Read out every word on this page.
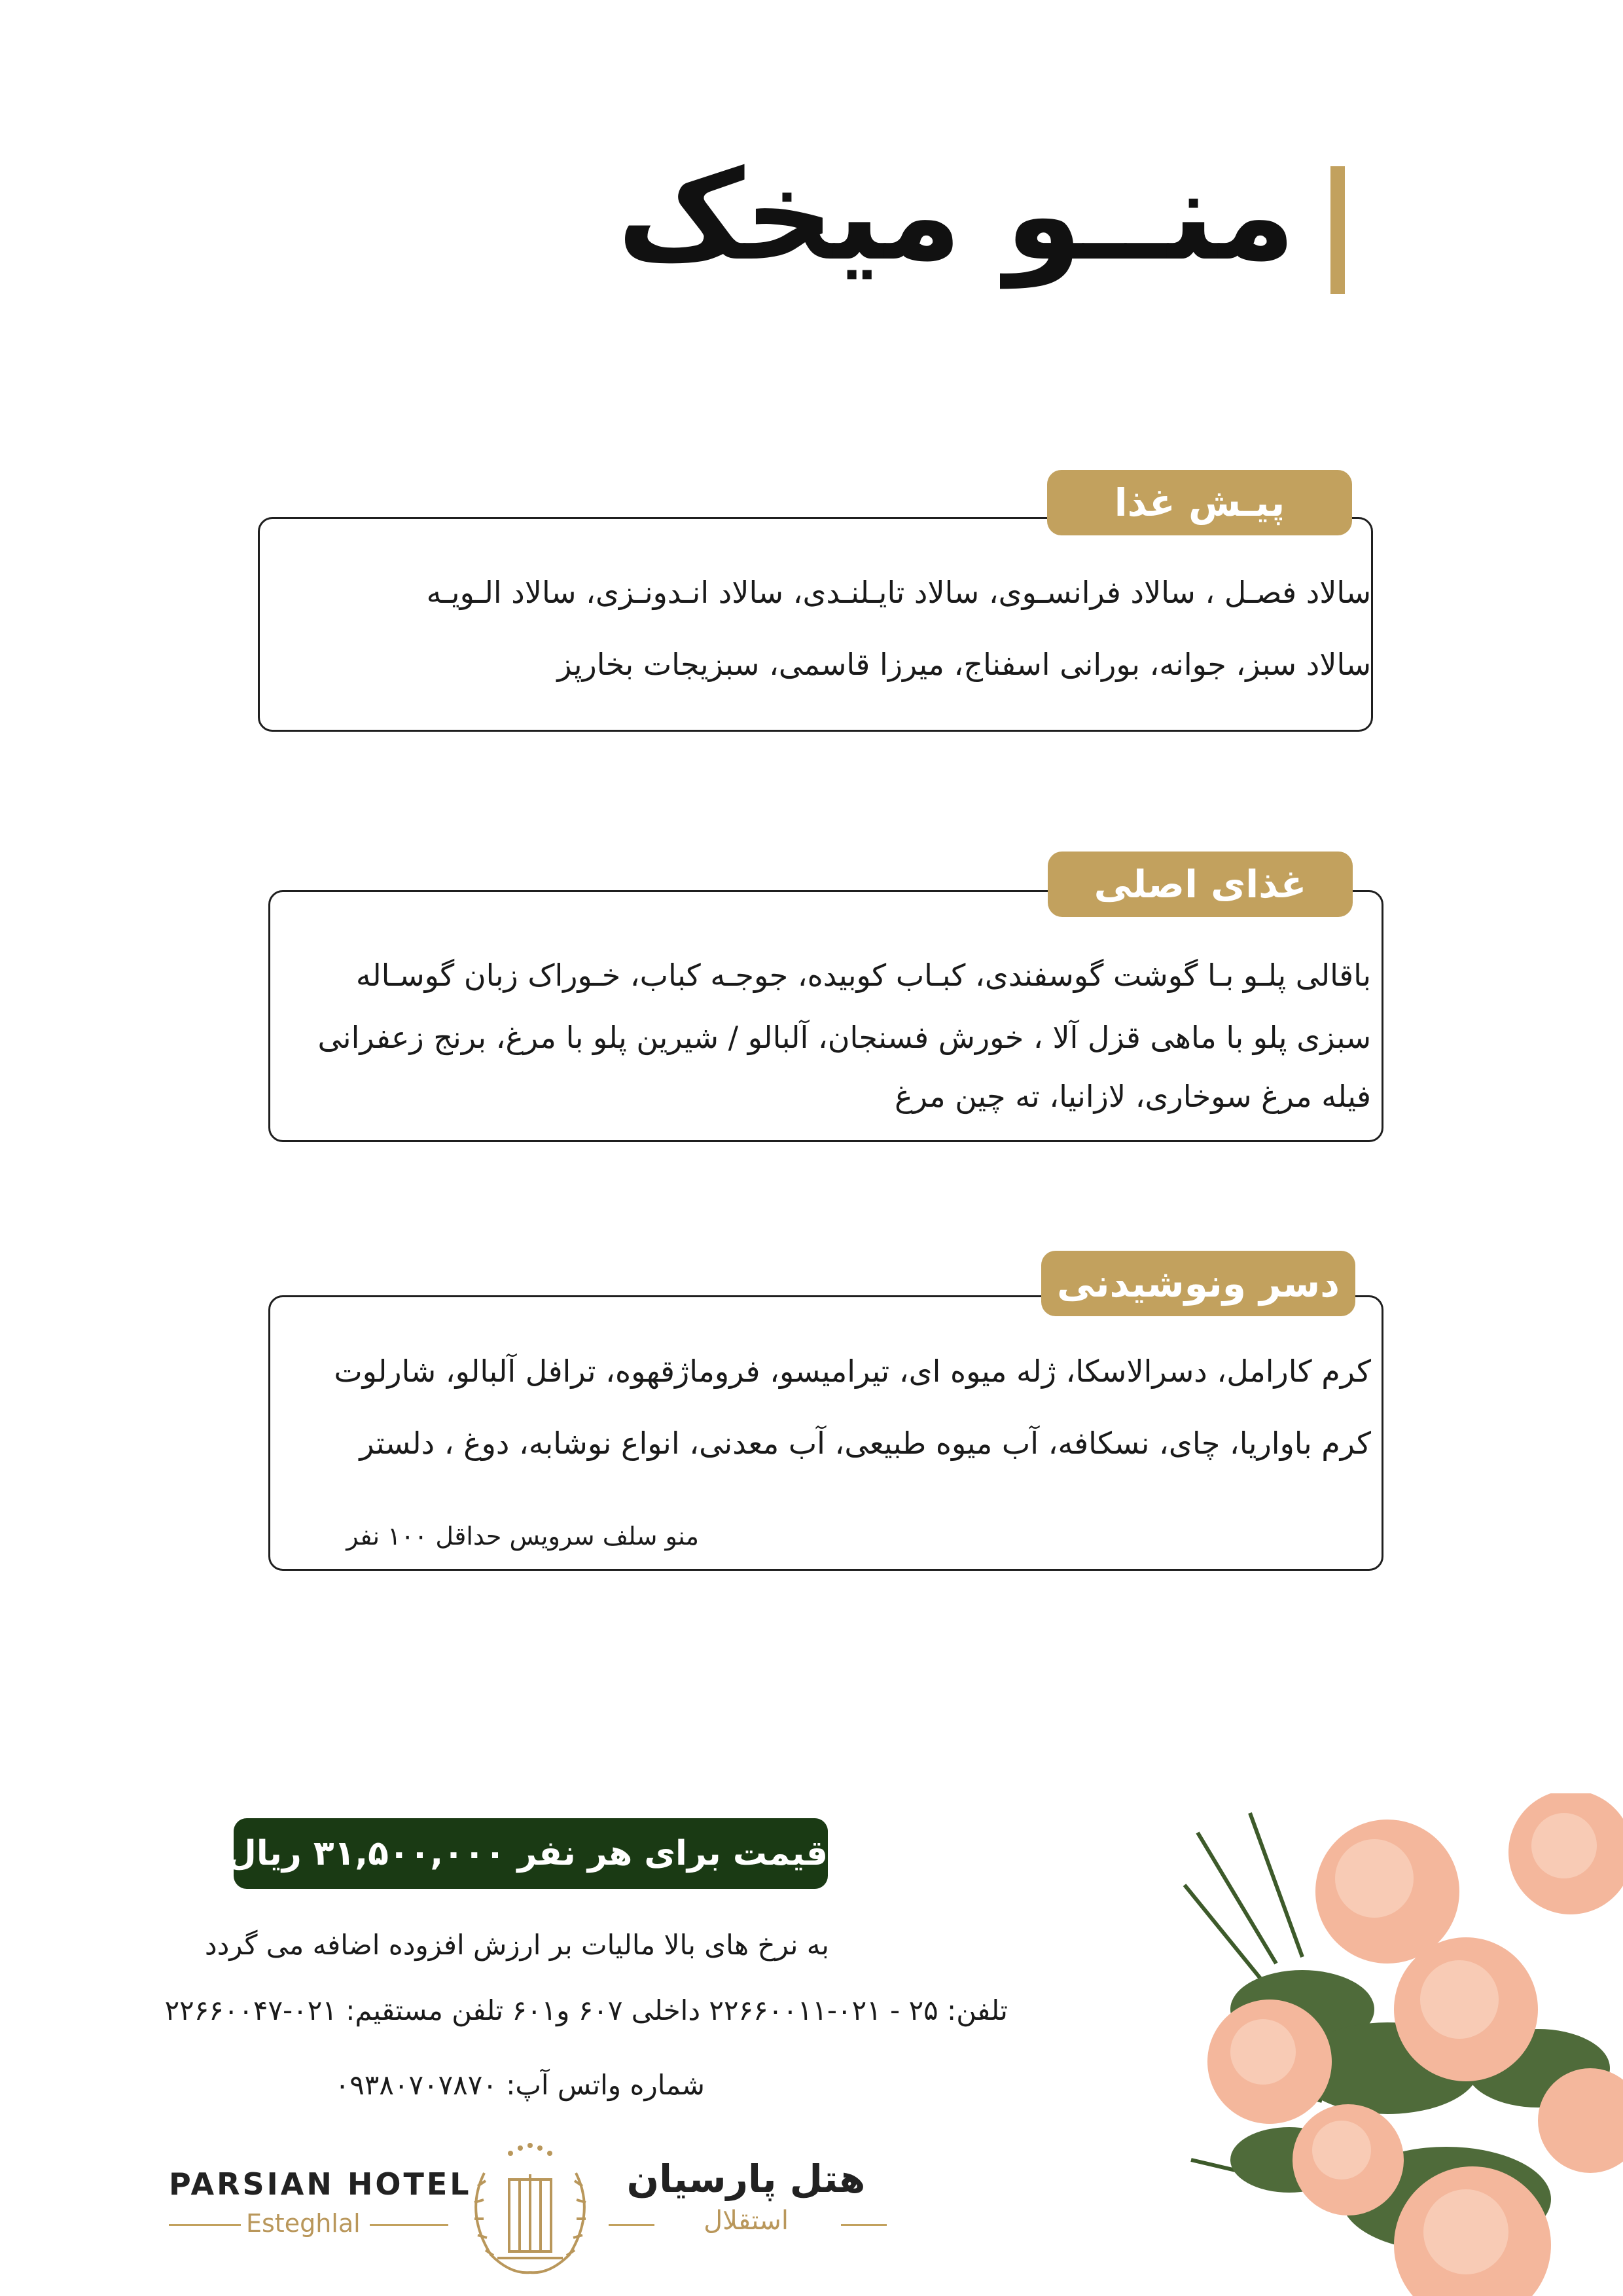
منــو میخک
پیـش غذا
سالاد فصـل ، سالاد فرانسـوی، سالاد تایـلنـدی، سالاد انـدونـزی، سالاد الـویـه
سالاد سبز، جوانه، بورانی اسفناج، میرزا قاسمی، سبزیجات بخارپز
غذای اصلی
باقالی پلـو بـا گوشت گوسفندی، کبـاب کوبیده، جوجـه کباب، خـوراک زبان گوسـاله
سبزی پلو با ماهی قزل آلا ، خورش فسنجان، آلبالو / شیرین پلو با مرغ، برنج زعفرانی
فیله مرغ سوخاری، لازانیا، ته چین مرغ
دسر ونوشیدنی
کرم کارامل، دسرالاسکا، ژله میوه ای، تیرامیسو، فروماژقهوه، ترافل آلبالو، شارلوت
کرم باواریا، چای، نسکافه، آب میوه طبیعی، آب معدنی، انواع نوشابه، دوغ ، دلستر
منو سلف سرویس حداقل ۱۰۰ نفر
قیمت برای هر نفر ۳۱,۵۰۰,۰۰۰ ریال
به نرخ های بالا مالیات بر ارزش افزوده اضافه می گردد
تلفن: ۲۵ - ۰۲۱-۲۲۶۶۰۰۱۱ داخلی ۶۰۷ و۶۰۱ تلفن مستقیم: ۰۲۱-۲۲۶۶۰۰۴۷
شماره واتس آپ: ۰۹۳۸۰۷۰۷۸۷۰
PARSIAN HOTEL
Esteghlal
هتل پارسیان
استقلال
